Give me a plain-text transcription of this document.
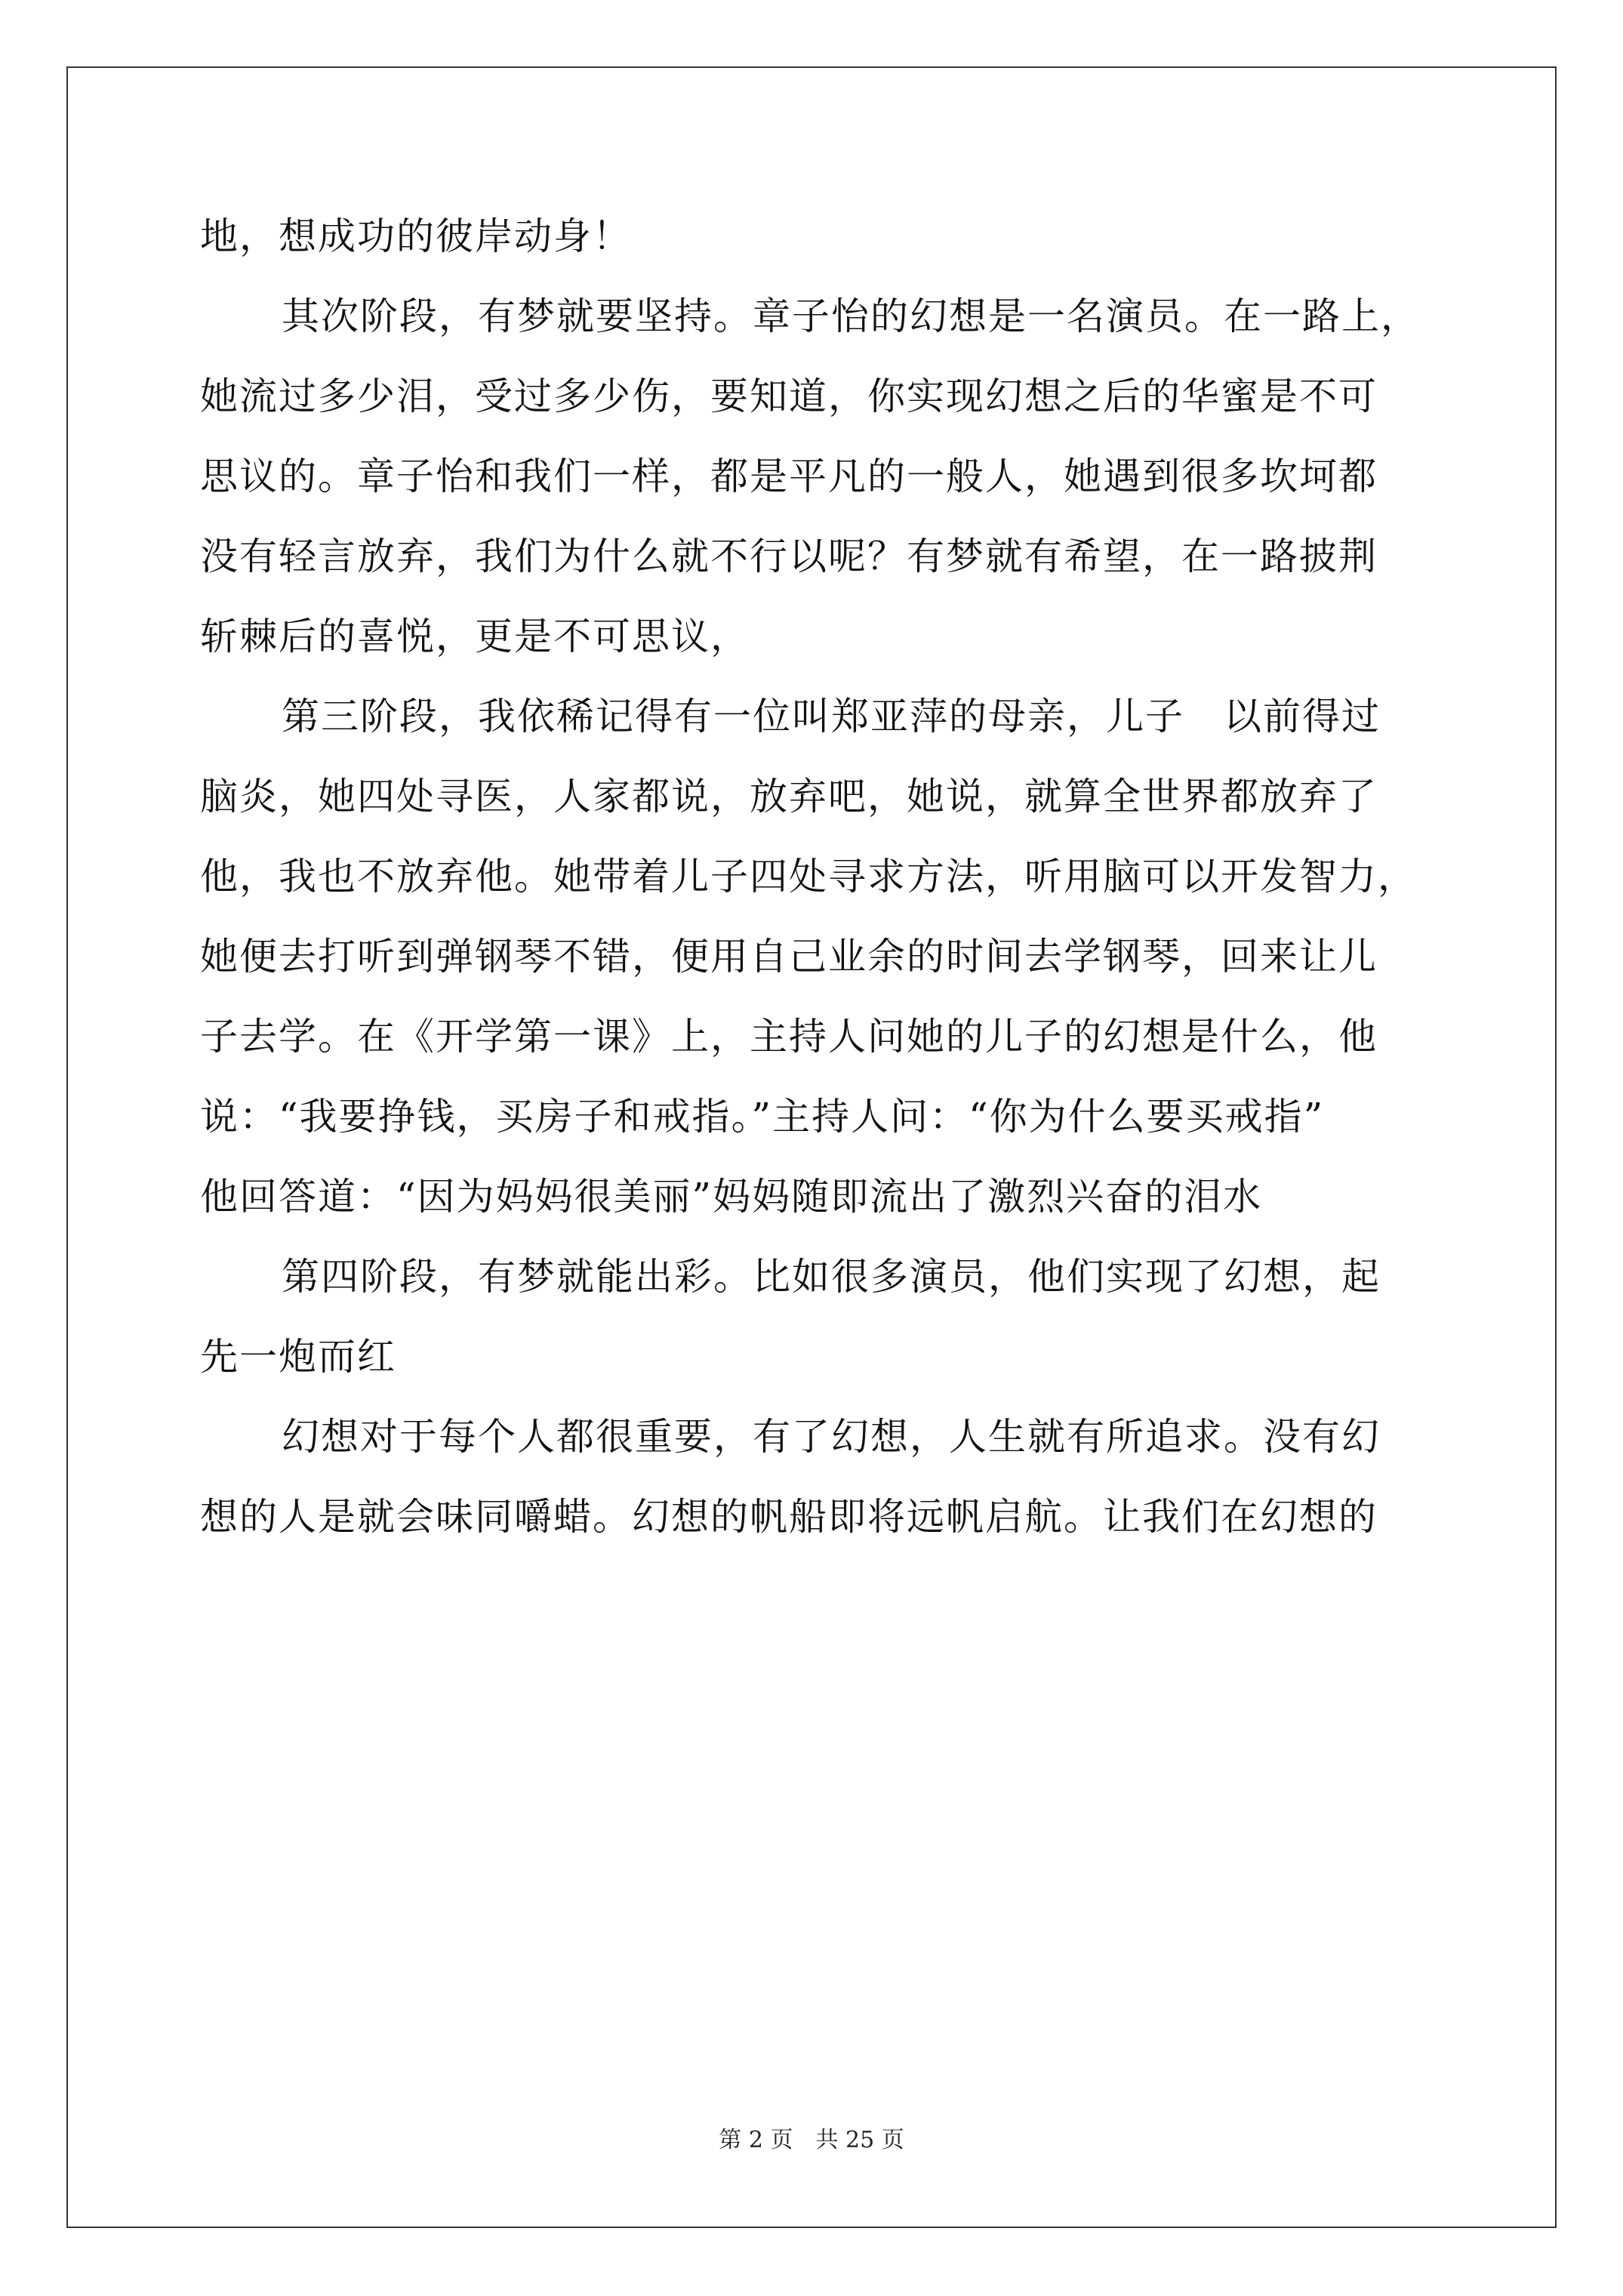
地，想成功的彼岸动身！
其次阶段，有梦就要坚持。章子怡的幻想是一名演员。在一路上，
她流过多少泪，受过多少伤，要知道，你实现幻想之后的华蜜是不可
思议的。章子怡和我们一样，都是平凡的一般人，她遇到很多坎坷都
没有轻言放弃，我们为什么就不行以呢？有梦就有希望，在一路披荆
斩棘后的喜悦，更是不可思议，
第三阶段，我依稀记得有一位叫郑亚萍的母亲，儿子　以前得过
脑炎，她四处寻医，人家都说，放弃吧，她说，就算全世界都放弃了
他，我也不放弃他。她带着儿子四处寻求方法，听用脑可以开发智力，
她便去打听到弹钢琴不错，便用自己业余的时间去学钢琴，回来让儿
子去学。在《开学第一课》上，主持人问她的儿子的幻想是什么，他
说：“我要挣钱，买房子和戒指。”主持人问：“你为什么要买戒指”
他回答道：“因为妈妈很美丽”妈妈随即流出了激烈兴奋的泪水
第四阶段，有梦就能出彩。比如很多演员，他们实现了幻想，起
先一炮而红
幻想对于每个人都很重要，有了幻想，人生就有所追求。没有幻
想的人是就会味同嚼蜡。幻想的帆船即将远帆启航。让我们在幻想的
第 2 页　共 25 页
